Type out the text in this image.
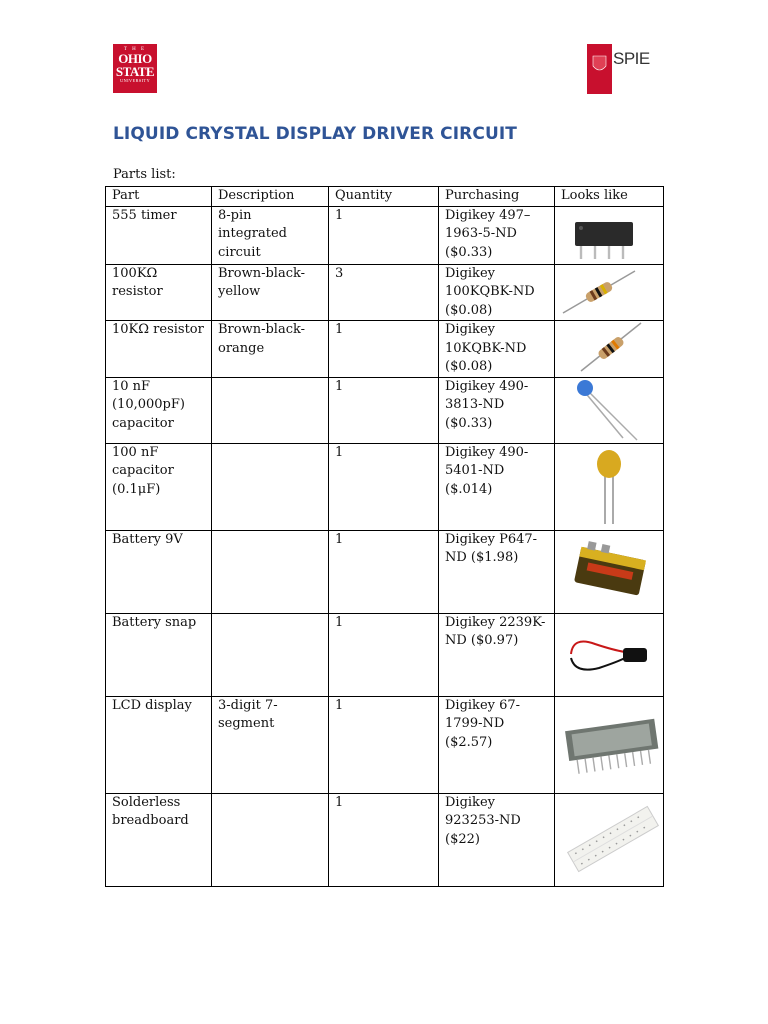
T H E
OHIO
STATE
UNIVERSITY
SPIE
LIQUID CRYSTAL DISPLAY DRIVER CIRCUIT
Parts list:
Part	Description	Quantity	Purchasing	Looks like
555 timer	8-pin integrated circuit	1	Digikey 497–1963-5-ND ($0.33)	

100KΩ resistor	Brown-black-yellow	3	Digikey 100KQBK-ND ($0.08)	

10KΩ resistor	Brown-black-orange	1	Digikey 10KQBK-ND ($0.08)	

10 nF (10,000pF) capacitor		1	Digikey 490-3813-ND ($0.33)	

100 nF capacitor (0.1μF)		1	Digikey 490-5401-ND ($.014)	

Battery 9V		1	Digikey P647-ND ($1.98)	

Battery snap		1	Digikey 2239K-ND ($0.97)	

LCD display	3-digit 7-segment	1	Digikey 67-1799-ND ($2.57)	

Solderless breadboard		1	Digikey 923253-ND ($22)	
